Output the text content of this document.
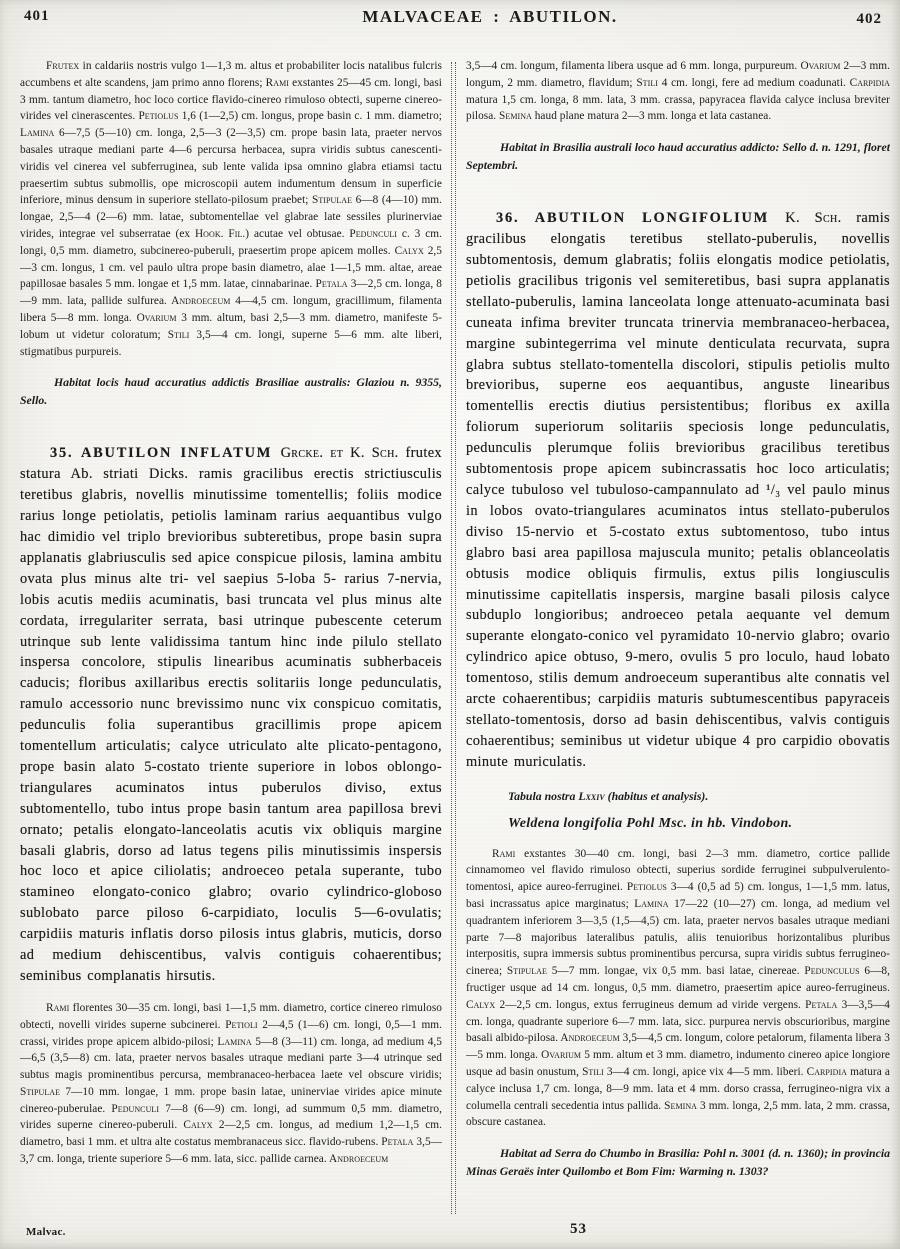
401	MALVACEAE : ABUTILON.	402

Frutex in caldariis nostris vulgo 1—1,3 m. altus et probabiliter locis natalibus fulcris accumbens et alte scandens, jam primo anno florens; Rami exstantes 25—45 cm. longi, basi 3 mm. tantum diametro, hoc loco cortice flavido-cinereo rimuloso obtecti, superne cinereo-virides vel cinerascentes. Petiolus 1,6 (1—2,5) cm. longus, prope basin c. 1 mm. diametro; Lamina 6—7,5 (5—10) cm. longa, 2,5—3 (2—3,5) cm. prope basin lata, praeter nervos basales utraque mediani parte 4—6 percursa herbacea, supra viridis subtus canescenti-viridis vel cinerea vel subferruginea, sub lente valida ipsa omnino glabra etiamsi tactu praesertim subtus submollis, ope microscopii autem indumentum densum in superficie inferiore, minus densum in superiore stellato-pilosum praebet; Stipulae 6—8 (4—10) mm. longae, 2,5—4 (2—6) mm. latae, subtomentellae vel glabrae late sessiles plurinerviae virides, integrae vel subserratae (ex Hook. Fil.) acutae vel obtusae. Pedunculi c. 3 cm. longi, 0,5 mm. diametro, subcinereo-puberuli, praesertim prope apicem molles. Calyx 2,5—3 cm. longus, 1 cm. vel paulo ultra prope basin diametro, alae 1—1,5 mm. altae, areae papillosae basales 5 mm. longae et 1,5 mm. latae, cinnabarinae. Petala 3—2,5 cm. longa, 8—9 mm. lata, pallide sulfurea. Androeceum 4—4,5 cm. longum, gracillimum, filamenta libera 5—8 mm. longa. Ovarium 3 mm. altum, basi 2,5—3 mm. diametro, manifeste 5-lobum ut videtur coloratum; Stili 3,5—4 cm. longi, superne 5—6 mm. alte liberi, stigmatibus purpureis.

Habitat locis haud accuratius addictis Brasiliae australis: Glaziou n. 9355, Sello.

35. ABUTILON INFLATUM Grcke. et K. Sch. frutex statura Ab. striati Dicks. ramis gracilibus erectis strictiusculis teretibus glabris, novellis minutissime tomentellis; foliis modice rarius longe petiolatis, petiolis laminam rarius aequantibus vulgo hac dimidio vel triplo brevioribus subteretibus, prope basin supra applanatis glabriusculis sed apice conspicue pilosis, lamina ambitu ovata plus minus alte tri- vel saepius 5-loba 5- rarius 7-nervia, lobis acutis mediis acuminatis, basi truncata vel plus minus alte cordata, irregulariter serrata, basi utrinque pubescente ceterum utrinque sub lente validissima tantum hinc inde pilulo stellato inspersa concolore, stipulis linearibus acuminatis subherbaceis caducis; floribus axillaribus erectis solitariis longe pedunculatis, ramulo accessorio nunc brevissimo nunc vix conspicuo comitatis, pedunculis folia superantibus gracillimis prope apicem tomentellum articulatis; calyce utriculato alte plicato-pentagono, prope basin alato 5-costato triente superiore in lobos oblongo-triangulares acuminatos intus puberulos diviso, extus subtomentello, tubo intus prope basin tantum area papillosa brevi ornato; petalis elongato-lanceolatis acutis vix obliquis margine basali glabris, dorso ad latus tegens pilis minutissimis inspersis hoc loco et apice ciliolatis; androeceo petala superante, tubo stamineo elongato-conico glabro; ovario cylindrico-globoso sublobato parce piloso 6-carpidiato, loculis 5—6-ovulatis; carpidiis maturis inflatis dorso pilosis intus glabris, muticis, dorso ad medium dehiscentibus, valvis contiguis cohaerentibus; seminibus complanatis hirsutis.

Rami florentes 30—35 cm. longi, basi 1—1,5 mm. diametro, cortice cinereo rimuloso obtecti, novelli virides superne subcinerei. Petioli 2—4,5 (1—6) cm. longi, 0,5—1 mm. crassi, virides prope apicem albido-pilosi; Lamina 5—8 (3—11) cm. longa, ad medium 4,5—6,5 (3,5—8) cm. lata, praeter nervos basales utraque mediani parte 3—4 utrinque sed subtus magis prominentibus percursa, membranaceo-herbacea laete vel obscure viridis; Stipulae 7—10 mm. longae, 1 mm. prope basin latae, uninerviae virides apice minute cinereo-puberulae. Pedunculi 7—8 (6—9) cm. longi, ad summum 0,5 mm. diametro, virides superne cinereo-puberuli. Calyx 2—2,5 cm. longus, ad medium 1,2—1,5 cm. diametro, basi 1 mm. et ultra alte costatus membranaceus sicc. flavido-rubens. Petala 3,5—3,7 cm. longa, triente superiore 5—6 mm. lata, sicc. pallide carnea. Androeceum

3,5—4 cm. longum, filamenta libera usque ad 6 mm. longa, purpureum. Ovarium 2—3 mm. longum, 2 mm. diametro, flavidum; Stili 4 cm. longi, fere ad medium coadunati. Carpidia matura 1,5 cm. longa, 8 mm. lata, 3 mm. crassa, papyracea flavida calyce inclusa breviter pilosa. Semina haud plane matura 2—3 mm. longa et lata castanea.

Habitat in Brasilia australi loco haud accuratius addicto: Sello d. n. 1291, floret Septembri.

36. ABUTILON LONGIFOLIUM K. Sch. ramis gracilibus elongatis teretibus stellato-puberulis, novellis subtomentosis, demum glabratis; foliis elongatis modice petiolatis, petiolis gracilibus trigonis vel semiteretibus, basi supra applanatis stellato-puberulis, lamina lanceolata longe attenuato-acuminata basi cuneata infima breviter truncata trinervia membranaceo-herbacea, margine subintegerrima vel minute denticulata recurvata, supra glabra subtus stellato-tomentella discolori, stipulis petiolis multo brevioribus, superne eos aequantibus, anguste linearibus tomentellis erectis diutius persistentibus; floribus ex axilla foliorum superiorum solitariis speciosis longe pedunculatis, pedunculis plerumque foliis brevioribus gracilibus teretibus subtomentosis prope apicem subincrassatis hoc loco articulatis; calyce tubuloso vel tubuloso-campannulato ad ¹/₃ vel paulo minus in lobos ovato-triangulares acuminatos intus stellato-puberulos diviso 15-nervio et 5-costato extus subtomentoso, tubo intus glabro basi area papillosa majuscula munito; petalis oblanceolatis obtusis modice obliquis firmulis, extus pilis longiusculis minutissime capitellatis inspersis, margine basali pilosis calyce subduplo longioribus; androeceo petala aequante vel demum superante elongato-conico vel pyramidato 10-nervio glabro; ovario cylindrico apice obtuso, 9-mero, ovulis 5 pro loculo, haud lobato tomentoso, stilis demum androeceum superantibus alte connatis vel arcte cohaerentibus; carpidiis maturis subtumescentibus papyraceis stellato-tomentosis, dorso ad basin dehiscentibus, valvis contiguis cohaerentibus; seminibus ut videtur ubique 4 pro carpidio obovatis minute muriculatis.

Tabula nostra Lxxiv (habitus et analysis).

Weldena longifolia Pohl Msc. in hb. Vindobon.

Rami exstantes 30—40 cm. longi, basi 2—3 mm. diametro, cortice pallide cinnamomeo vel flavido rimuloso obtecti, superius sordide ferruginei subpulverulento-tomentosi, apice aureo-ferruginei. Petiolus 3—4 (0,5 ad 5) cm. longus, 1—1,5 mm. latus, basi incrassatus apice marginatus; Lamina 17—22 (10—27) cm. longa, ad medium vel quadrantem inferiorem 3—3,5 (1,5—4,5) cm. lata, praeter nervos basales utraque mediani parte 7—8 majoribus lateralibus patulis, aliis tenuioribus horizontalibus pluribus interpositis, supra immersis subtus prominentibus percursa, supra viridis subtus ferrugineo-cinerea; Stipulae 5—7 mm. longae, vix 0,5 mm. basi latae, cinereae. Pedunculus 6—8, fructiger usque ad 14 cm. longus, 0,5 mm. diametro, praesertim apice aureo-ferrugineus. Calyx 2—2,5 cm. longus, extus ferrugineus demum ad viride vergens. Petala 3—3,5—4 cm. longa, quadrante superiore 6—7 mm. lata, sicc. purpurea nervis obscurioribus, margine basali albido-pilosa. Androeceum 3,5—4,5 cm. longum, colore petalorum, filamenta libera 3—5 mm. longa. Ovarium 5 mm. altum et 3 mm. diametro, indumento cinereo apice longiore usque ad basin onustum, Stili 3—4 cm. longi, apice vix 4—5 mm. liberi. Carpidia matura a calyce inclusa 1,7 cm. longa, 8—9 mm. lata et 4 mm. dorso crassa, ferrugineo-nigra vix a columella centrali secedentia intus pallida. Semina 3 mm. longa, 2,5 mm. lata, 2 mm. crassa, obscure castanea.

Habitat ad Serra do Chumbo in Brasilia: Pohl n. 3001 (d. n. 1360); in provincia Minas Geraës inter Quilombo et Bom Fim: Warming n. 1303?

Malvac.	53
